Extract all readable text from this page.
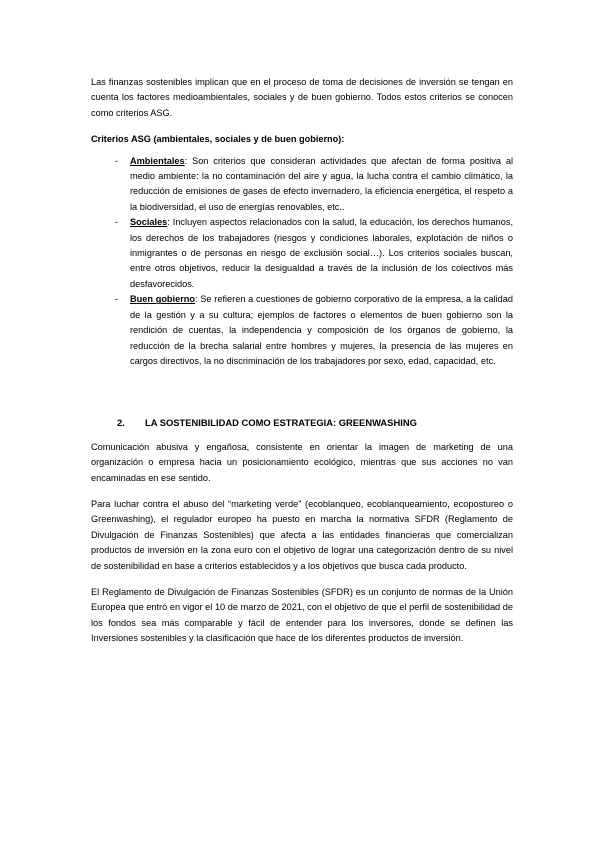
Las finanzas sostenibles implican que en el proceso de toma de decisiones de inversión se tengan en cuenta los factores medioambientales, sociales y de buen gobierno. Todos estos criterios se conocen como criterios ASG.

Criterios ASG (ambientales, sociales y de buen gobierno):

- Ambientales: Son criterios que consideran actividades que afectan de forma positiva al medio ambiente: la no contaminación del aire y agua, la lucha contra el cambio climático, la reducción de emisiones de gases de efecto invernadero, la eficiencia energética, el respeto a la biodiversidad, el uso de energías renovables, etc..
- Sociales: Incluyen aspectos relacionados con la salud, la educación, los derechos humanos, los derechos de los trabajadores (riesgos y condiciones laborales, explotación de niños o inmigrantes o de personas en riesgo de exclusión social…). Los criterios sociales buscan, entre otros objetivos, reducir la desigualdad a través de la inclusión de los colectivos más desfavorecidos.
- Buen gobierno: Se refieren a cuestiones de gobierno corporativo de la empresa, a la calidad de la gestión y a su cultura; ejemplos de factores o elementos de buen gobierno son la rendición de cuentas, la independencia y composición de los órganos de gobierno, la reducción de la brecha salarial entre hombres y mujeres, la presencia de las mujeres en cargos directivos, la no discriminación de los trabajadores por sexo, edad, capacidad, etc.
2. LA SOSTENIBILIDAD COMO ESTRATEGIA: GREENWASHING

Comunicación abusiva y engañosa, consistente en orientar la imagen de marketing de una organización o empresa hacia un posicionamiento ecológico, mientras que sus acciones no van encaminadas en ese sentido.

Para luchar contra el abuso del “marketing verde” (ecoblanqueo, ecoblanqueamiento, ecopostureo o Greenwashing), el regulador europeo ha puesto en marcha la normativa SFDR (Reglamento de Divulgación de Finanzas Sostenibles) que afecta a las entidades financieras que comercializan productos de inversión en la zona euro con el objetivo de lograr una categorización dentro de su nivel de sostenibilidad en base a criterios establecidos y a los objetivos que busca cada producto.

El Reglamento de Divulgación de Finanzas Sostenibles (SFDR) es un conjunto de normas de la Unión Europea que entró en vigor el 10 de marzo de 2021, con el objetivo de que el perfil de sostenibilidad de los fondos sea más comparable y fácil de entender para los inversores, donde se definen las Inversiones sostenibles y la clasificación que hace de los diferentes productos de inversión.
